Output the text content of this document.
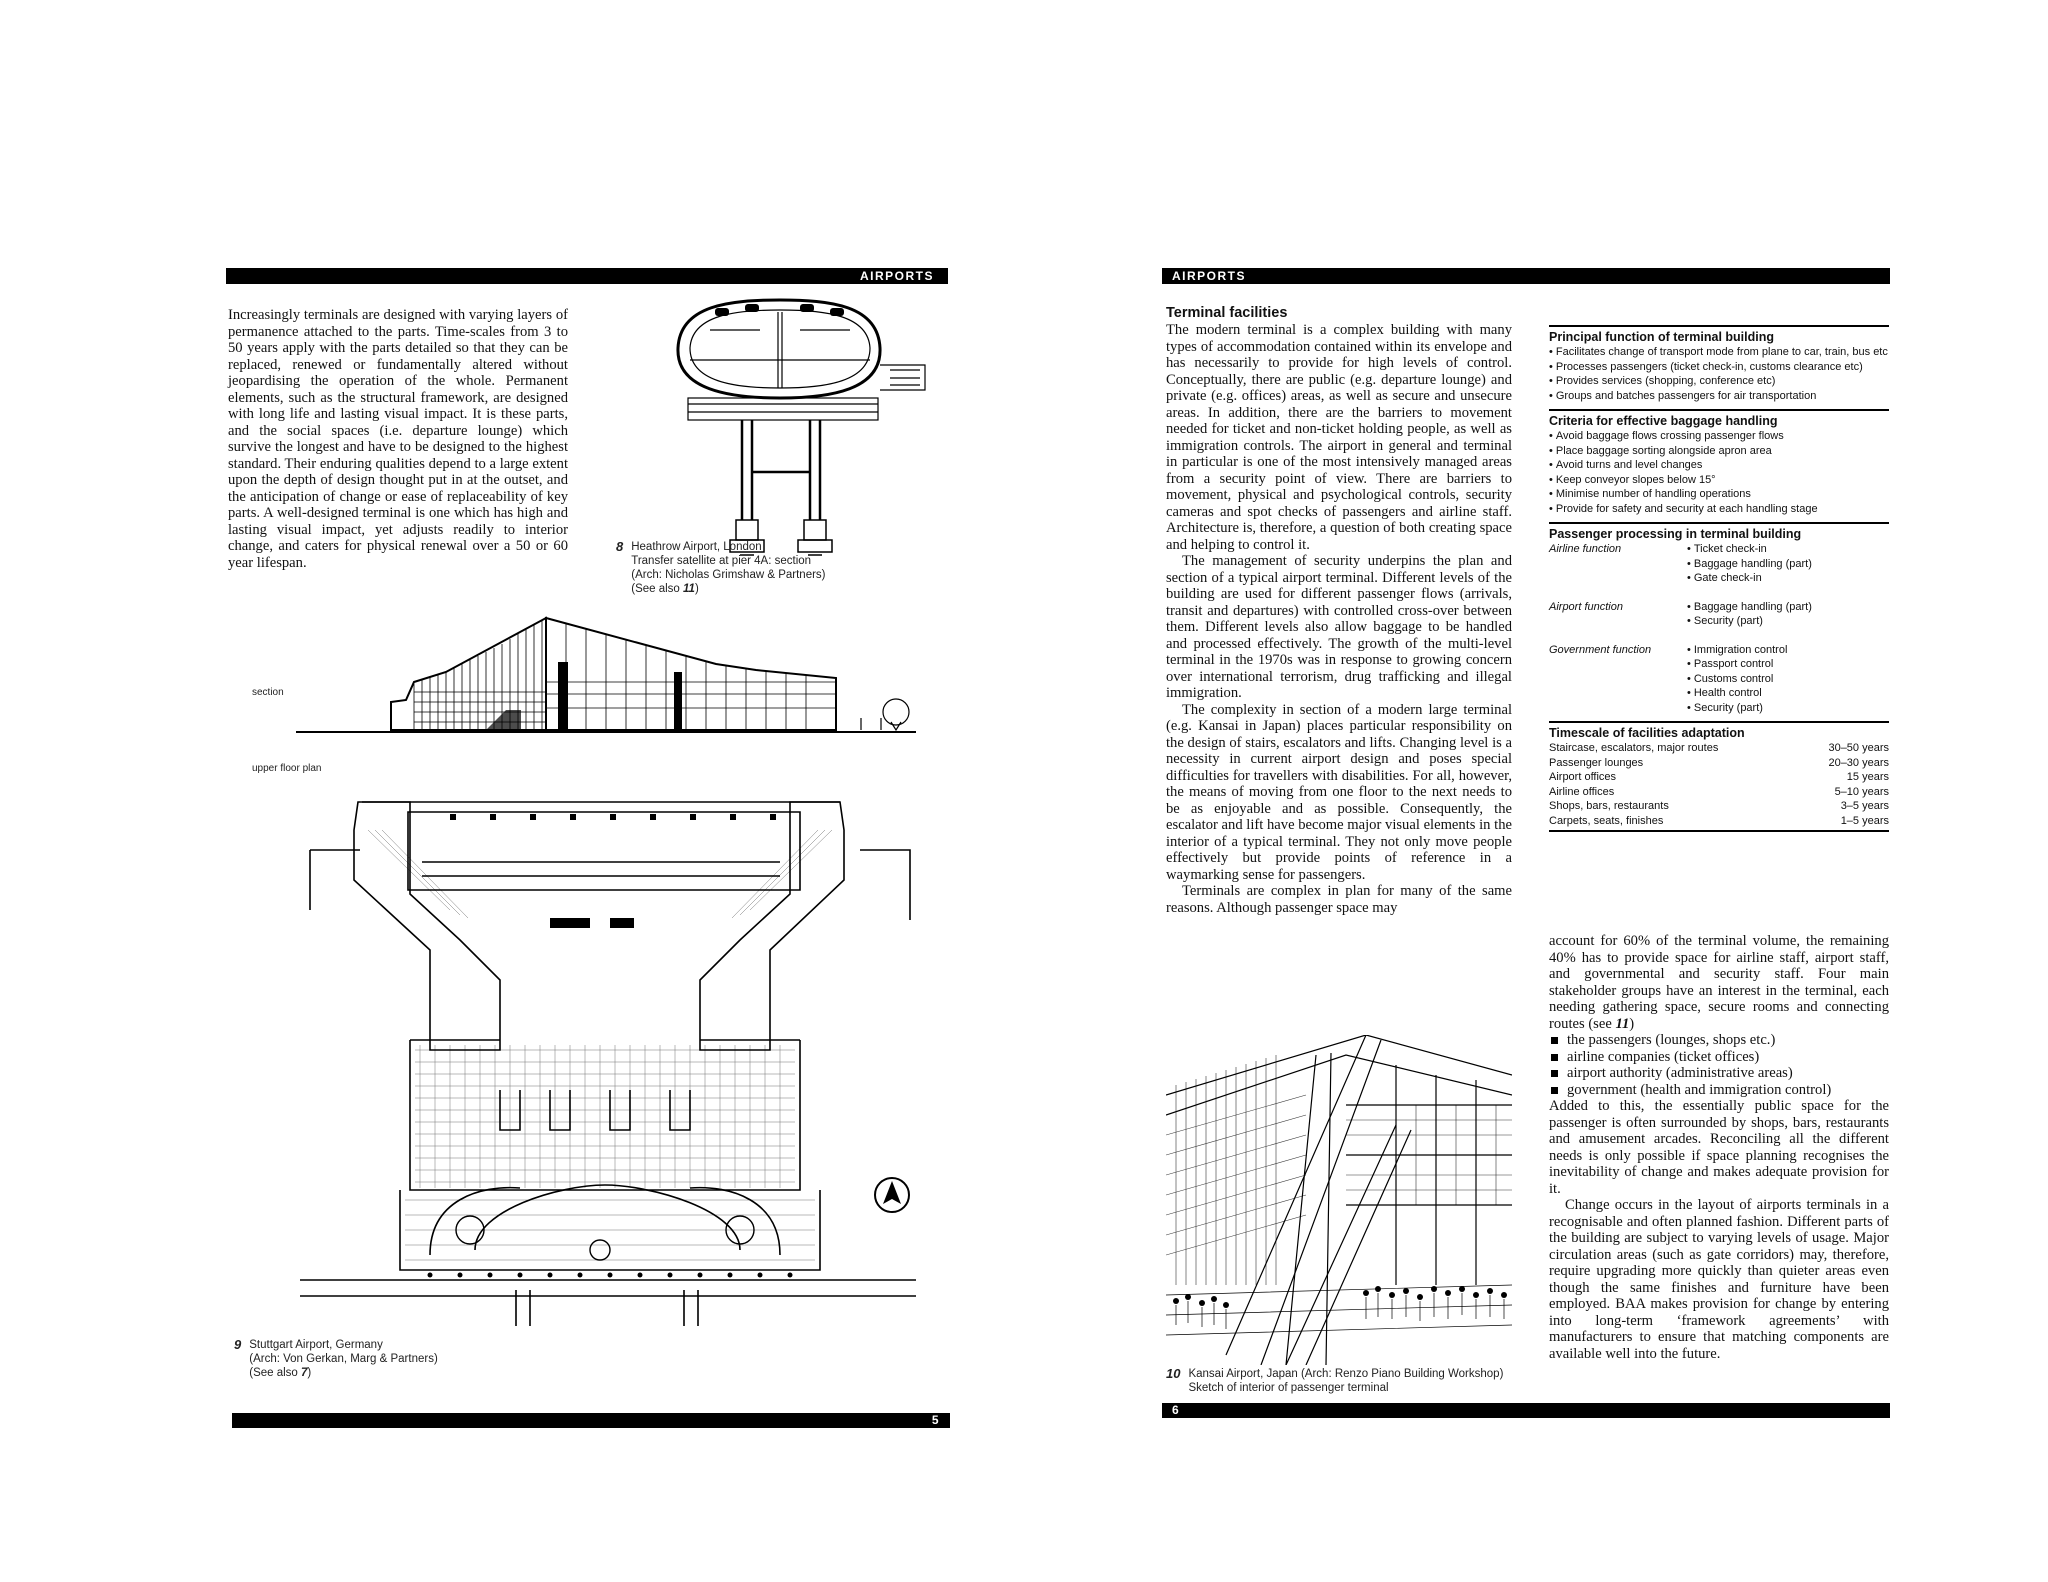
AIRPORTS

Increasingly terminals are designed with varying layers of permanence attached to the parts. Time-scales from 3 to 50 years apply with the parts detailed so that they can be replaced, renewed or fundamentally altered without jeopardising the operation of the whole. Permanent elements, such as the structural framework, are designed with long life and lasting visual impact. It is these parts, and the social spaces (i.e. departure lounge) which survive the longest and have to be designed to the highest standard. Their enduring qualities depend to a large extent upon the depth of design thought put in at the outset, and the anticipation of change or ease of replaceability of key parts. A well-designed terminal is one which has high and lasting visual impact, yet adjusts readily to interior change, and caters for physical renewal over a 50 or 60 year lifespan.

8 Heathrow Airport, London
Transfer satellite at pier 4A: section
(Arch: Nicholas Grimshaw & Partners)
(See also 11)
section
upper floor plan
9 Stuttgart Airport, Germany
(Arch: Von Gerkan, Marg & Partners)
(See also 7)
5
AIRPORTS
Terminal facilities

The modern terminal is a complex building with many types of accommodation contained within its envelope and has necessarily to provide for high levels of control. Conceptually, there are public (e.g. departure lounge) and private (e.g. offices) areas, as well as secure and unsecure areas. In addition, there are the barriers to movement needed for ticket and non-ticket holding people, as well as immigration controls. The airport in general and terminal in particular is one of the most intensively managed areas from a security point of view. There are barriers to movement, physical and psychological controls, security cameras and spot checks of passengers and airline staff. Architecture is, therefore, a question of both creating space and helping to control it.

The management of security underpins the plan and section of a typical airport terminal. Different levels of the building are used for different passenger flows (arrivals, transit and departures) with controlled cross-over between them. Different levels also allow baggage to be handled and processed effectively. The growth of the multi-level terminal in the 1970s was in response to growing concern over international terrorism, drug trafficking and illegal immigration.

The complexity in section of a modern large terminal (e.g. Kansai in Japan) places particular responsibility on the design of stairs, escalators and lifts. Changing level is a necessity in current airport design and poses special difficulties for travellers with disabilities. For all, however, the means of moving from one floor to the next needs to be as enjoyable and as possible. Consequently, the escalator and lift have become major visual elements in the interior of a typical terminal. They not only move people effectively but provide points of reference in a waymarking sense for passengers.

Terminals are complex in plan for many of the same reasons. Although passenger space may

10 Kansai Airport, Japan (Arch: Renzo Piano Building Workshop)
Sketch of interior of passenger terminal
Principal function of terminal building
• Facilitates change of transport mode from plane to car, train, bus etc
• Processes passengers (ticket check-in, customs clearance etc)
• Provides services (shopping, conference etc)
• Groups and batches passengers for air transportation
Criteria for effective baggage handling
• Avoid baggage flows crossing passenger flows
• Place baggage sorting alongside apron area
• Avoid turns and level changes
• Keep conveyor slopes below 15°
• Minimise number of handling operations
• Provide for safety and security at each handling stage
Passenger processing in terminal building
Airline function	• Ticket check-in
• Baggage handling (part)
• Gate check-in
Airport function	• Baggage handling (part)
• Security (part)
Government function	• Immigration control
• Passport control
• Customs control
• Health control
• Security (part)
Timescale of facilities adaptation
Staircase, escalators, major routes	30–50 years
Passenger lounges	20–30 years
Airport offices	15 years
Airline offices	5–10 years
Shops, bars, restaurants	3–5 years
Carpets, seats, finishes	1–5 years

account for 60% of the terminal volume, the remaining 40% has to provide space for airline staff, airport staff, and governmental and security staff. Four main stakeholder groups have an interest in the terminal, each needing gathering space, secure rooms and connecting routes (see 11)

the passengers (lounges, shops etc.)
airline companies (ticket offices)
airport authority (administrative areas)
government (health and immigration control)

Added to this, the essentially public space for the passenger is often surrounded by shops, bars, restaurants and amusement arcades. Reconciling all the different needs is only possible if space planning recognises the inevitability of change and makes adequate provision for it.

Change occurs in the layout of airports terminals in a recognisable and often planned fashion. Different parts of the building are subject to varying levels of usage. Major circulation areas (such as gate corridors) may, therefore, require upgrading more quickly than quieter areas even though the same finishes and furniture have been employed. BAA makes provision for change by entering into long-term ‘framework agreements’ with manufacturers to ensure that matching components are available well into the future.

6
